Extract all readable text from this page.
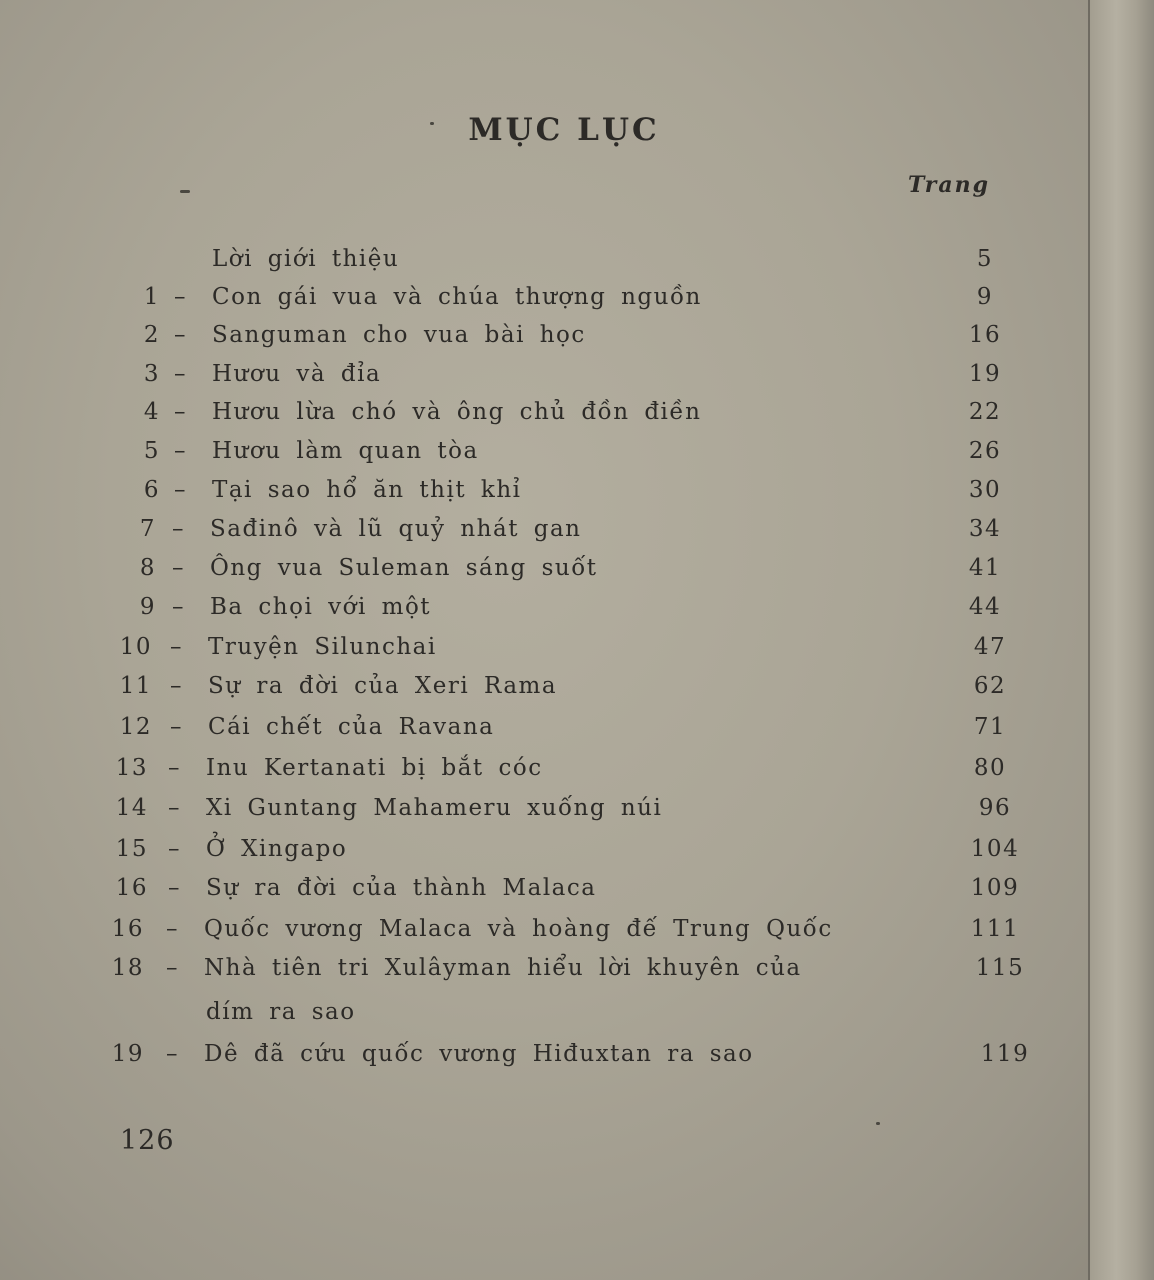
MỤC LỤC
Trang
Lời giới thiệu	5
1 – Con gái vua và chúa thượng nguồn	9
2 – Sanguman cho vua bài học	16
3 – Hươu và đỉa	19
4 – Hươu lừa chó và ông chủ đồn điền	22
5 – Hươu làm quan tòa	26
6 – Tại sao hổ ăn thịt khỉ	30
7 – Sađinô và lũ quỷ nhát gan	34
8 – Ông vua Suleman sáng suốt	41
9 – Ba chọi với một	44
10 – Truyện Silunchai	47
11 – Sự ra đời của Xeri Rama	62
12 – Cái chết của Ravana	71
13 – Inu Kertanati bị bắt cóc	80
14 – Xi Guntang Mahameru xuống núi	96
15 – Ở Xingapo	104
16 – Sự ra đời của thành Malaca	109
16 – Quốc vương Malaca và hoàng đế Trung Quốc	111
18 – Nhà tiên tri Xulâyman hiểu lời khuyên của	115
dím ra sao
19 – Dê đã cứu quốc vương Hiđuxtan ra sao	119
126
